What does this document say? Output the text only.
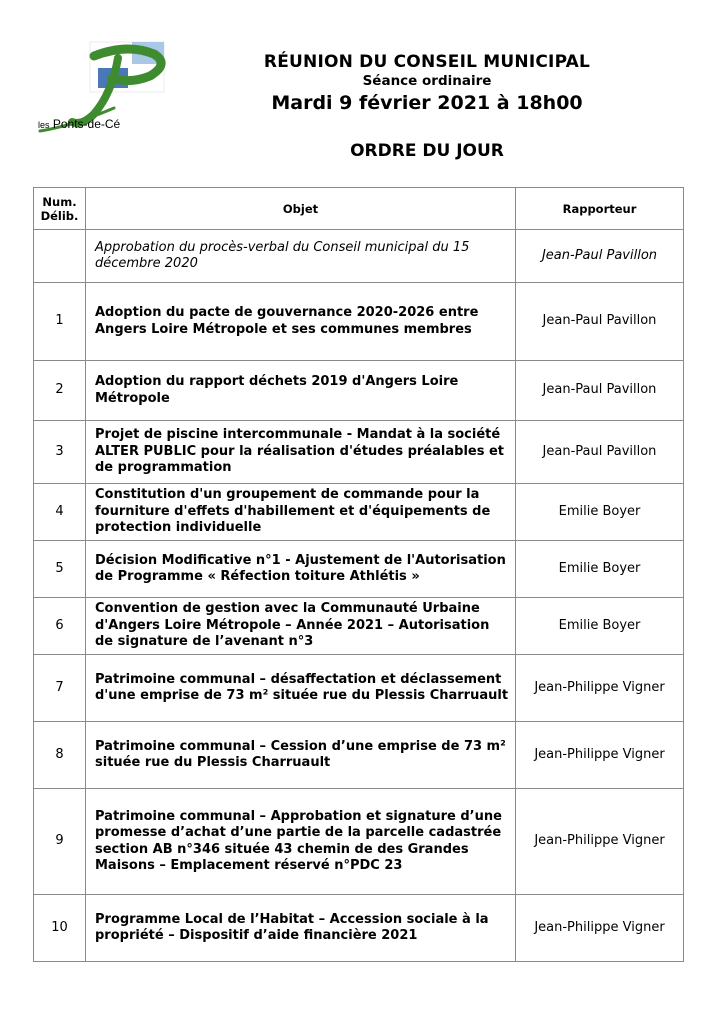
les Ponts-de-Cé
RÉUNION DU CONSEIL MUNICIPAL
Séance ordinaire
Mardi 9 février 2021 à 18h00
ORDRE DU JOUR
Num. Délib.	Objet	Rapporteur
	Approbation du procès-verbal du Conseil municipal du 15 décembre 2020	Jean-Paul Pavillon
1	Adoption du pacte de gouvernance 2020-2026 entre Angers Loire Métropole et ses communes membres	Jean-Paul Pavillon
2	Adoption du rapport déchets 2019 d'Angers Loire Métropole	Jean-Paul Pavillon
3	Projet de piscine intercommunale - Mandat à la société ALTER PUBLIC pour la réalisation d'études préalables et de programmation	Jean-Paul Pavillon
4	Constitution d'un groupement de commande pour la fourniture d'effets d'habillement et d'équipements de protection individuelle	Emilie Boyer
5	Décision Modificative n°1 - Ajustement de l'Autorisation de Programme « Réfection toiture Athlétis »	Emilie Boyer
6	Convention de gestion avec la Communauté Urbaine d'Angers Loire Métropole – Année 2021 – Autorisation de signature de l’avenant n°3	Emilie Boyer
7	Patrimoine communal – désaffectation et déclassement d'une emprise de 73 m² située rue du Plessis Charruault	Jean-Philippe Vigner
8	Patrimoine communal – Cession d’une emprise de 73 m² située rue du Plessis Charruault	Jean-Philippe Vigner
9	Patrimoine communal – Approbation et signature d’une promesse d’achat d’une partie de la parcelle cadastrée section AB n°346 située 43 chemin de des Grandes Maisons – Emplacement réservé n°PDC 23	Jean-Philippe Vigner
10	Programme Local de l’Habitat – Accession sociale à la propriété – Dispositif d’aide financière 2021	Jean-Philippe Vigner
